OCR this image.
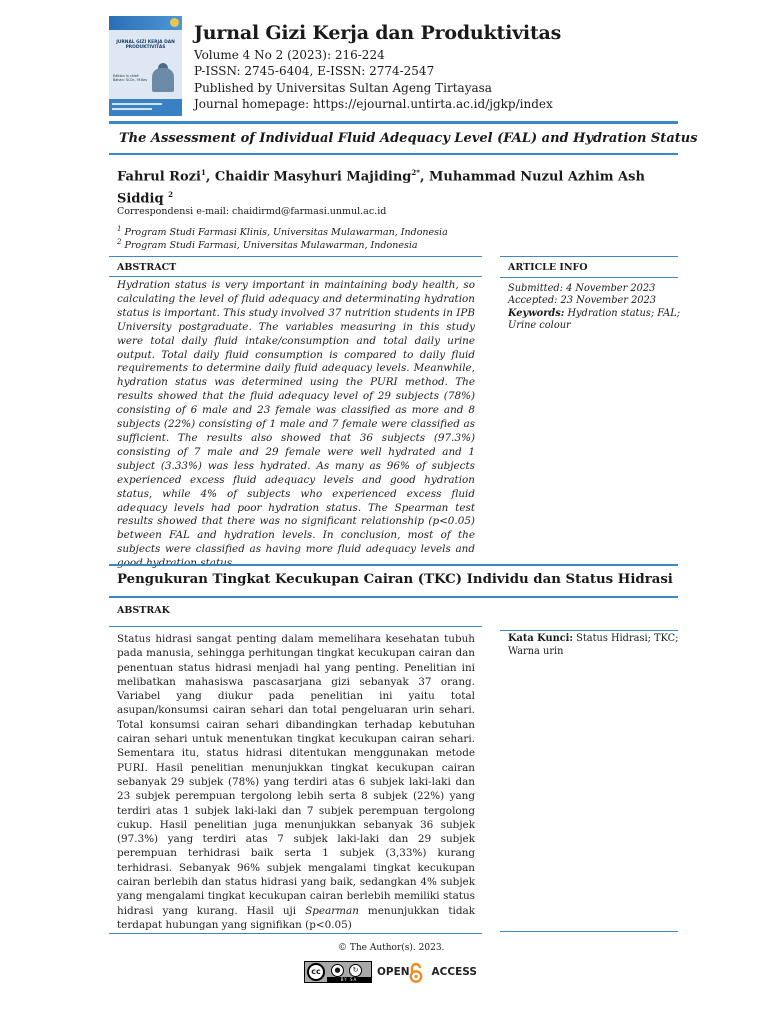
JURNAL GIZI KERJA DAN PRODUKTIVITAS
Edition in chief:
Bahan: Si.Dr., M.Kes
Jurnal Gizi Kerja dan Produktivitas
Volume 4 No 2 (2023): 216-224
P-ISSN: 2745-6404, E-ISSN: 2774-2547
Published by Universitas Sultan Ageng Tirtayasa
Journal homepage: https://ejournal.untirta.ac.id/jgkp/index
The Assessment of Individual Fluid Adequacy Level (FAL) and Hydration Status
Fahrul Rozi$^1$, Chaidir Masyhuri Majiding$^{2*}$, Muhammad Nuzul Azhim Ash Siddiq $^2$
Correspondensi e-mail: chaidirmd@farmasi.unmul.ac.id
$^1$ Program Studi Farmasi Klinis, Universitas Mulawarman, Indonesia
$^2$ Program Studi Farmasi, Universitas Mulawarman, Indonesia
ABSTRACT
Hydration status is very important in maintaining body health, so calculating the level of fluid adequacy and determinating hydration status is important. This study involved 37 nutrition students in IPB University postgraduate. The variables measuring in this study were total daily fluid intake/consumption and total daily urine output. Total daily fluid consumption is compared to daily fluid requirements to determine daily fluid adequacy levels. Meanwhile, hydration status was determined using the PURI method. The results showed that the fluid adequacy level of 29 subjects (78%) consisting of 6 male and 23 female was classified as more and 8 subjects (22%) consisting of 1 male and 7 female were classified as sufficient. The results also showed that 36 subjects (97.3%) consisting of 7 male and 29 female were well hydrated and 1 subject (3.33%) was less hydrated. As many as 96% of subjects experienced excess fluid adequacy levels and good hydration status, while 4% of subjects who experienced excess fluid adequacy levels had poor hydration status. The Spearman test results showed that there was no significant relationship (p<0.05) between FAL and hydration levels. In conclusion, most of the subjects were classified as having more fluid adequacy levels and
ARTICLE INFO
Submitted: 4 November 2023
Accepted: 23 November 2023
Keywords: Hydration status; FAL; Urine colour
Pengukuran Tingkat Kecukupan Cairan (TKC) Individu dan Status Hidrasi
ABSTRAK
Status hidrasi sangat penting dalam memelihara kesehatan tubuh pada manusia, sehingga perhitungan tingkat kecukupan cairan dan penentuan status hidrasi menjadi hal yang penting. Penelitian ini melibatkan mahasiswa pascasarjana gizi sebanyak 37 orang. Variabel yang diukur pada penelitian ini yaitu total asupan/konsumsi cairan sehari dan total pengeluaran urin sehari. Total konsumsi cairan sehari dibandingkan terhadap kebutuhan cairan sehari untuk menentukan tingkat kecukupan cairan sehari. Sementara itu, status hidrasi ditentukan menggunakan metode PURI. Hasil penelitian menunjukkan tingkat kecukupan cairan sebanyak 29 subjek (78%) yang terdiri atas 6 subjek laki-laki dan 23 subjek perempuan tergolong lebih serta 8 subjek (22%) yang terdiri atas 1 subjek laki-laki dan 7 subjek perempuan tergolong cukup. Hasil penelitian juga menunjukkan sebanyak 36 subjek (97.3%) yang terdiri atas 7 subjek laki-laki dan 29 subjek perempuan terhidrasi baik serta 1 subjek (3,33%) kurang terhidrasi. Sebanyak 96% subjek mengalami tingkat kecukupan cairan berlebih dan status hidrasi yang baik, sedangkan 4% subjek yang mengalami tingkat kecukupan cairan berlebih memiliki status hidrasi yang kurang. Hasil uji Spearman menunjukkan tidak terdapat hubungan yang signifikan (p<0.05)
Kata Kunci: Status Hidrasi; TKC; Warna urin
© The Author(s). 2023.
cc	●	↻
BY SA
OPEN ACCESS
